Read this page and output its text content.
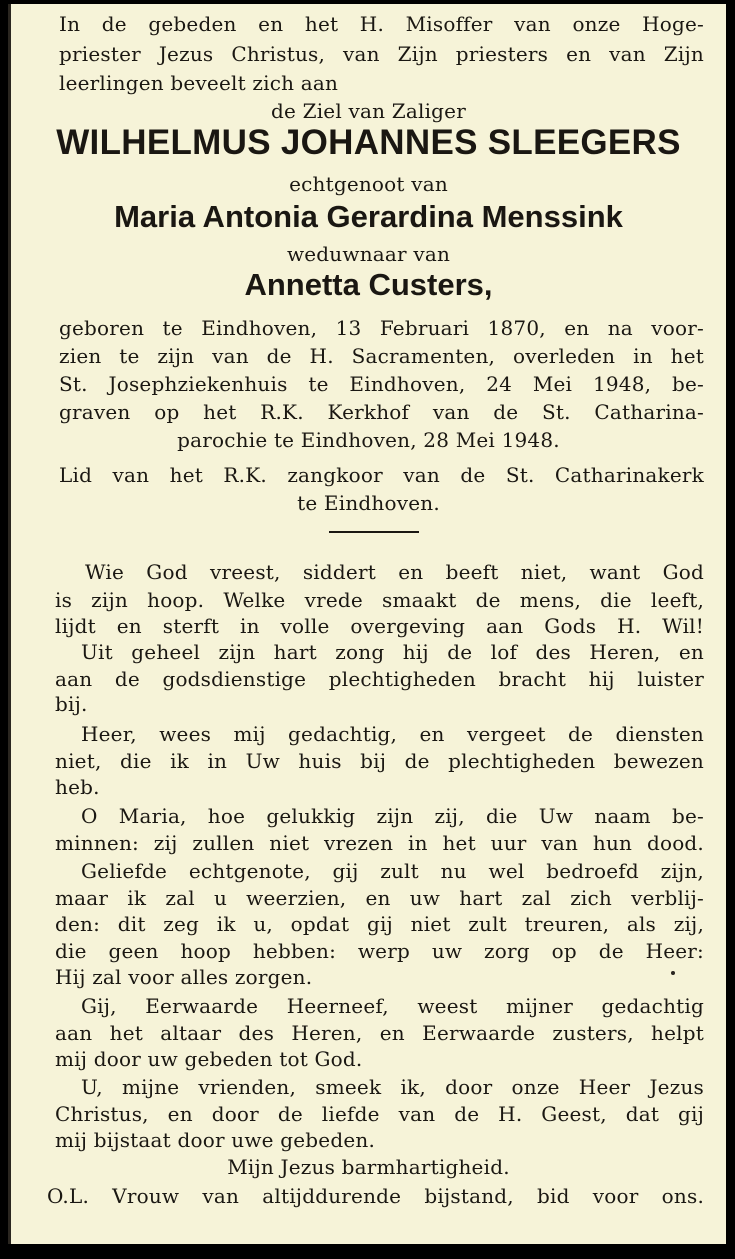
In de gebeden en het H. Misoffer van onze Hoge-
priester Jezus Christus, van Zijn priesters en van Zijn
leerlingen beveelt zich aan
de Ziel van Zaliger
WILHELMUS JOHANNES SLEEGERS
echtgenoot van
Maria Antonia Gerardina Menssink
weduwnaar van
Annetta Custers,
geboren te Eindhoven, 13 Februari 1870, en na voor-
zien te zijn van de H. Sacramenten, overleden in het
St. Josephziekenhuis te Eindhoven, 24 Mei 1948, be-
graven op het R.K. Kerkhof van de St. Catharina-
parochie te Eindhoven, 28 Mei 1948.
Lid van het R.K. zangkoor van de St. Catharinakerk
te Eindhoven.
Wie God vreest, siddert en beeft niet, want God
is zijn hoop. Welke vrede smaakt de mens, die leeft,
lijdt en sterft in volle overgeving aan Gods H. Wil!
Uit geheel zijn hart zong hij de lof des Heren, en
aan de godsdienstige plechtigheden bracht hij luister
bij.
Heer, wees mij gedachtig, en vergeet de diensten
niet, die ik in Uw huis bij de plechtigheden bewezen
heb.
O Maria, hoe gelukkig zijn zij, die Uw naam be-
minnen: zij zullen niet vrezen in het uur van hun dood.
Geliefde echtgenote, gij zult nu wel bedroefd zijn,
maar ik zal u weerzien, en uw hart zal zich verblij-
den: dit zeg ik u, opdat gij niet zult treuren, als zij,
die geen hoop hebben: werp uw zorg op de Heer:
Hij zal voor alles zorgen.
Gij, Eerwaarde Heerneef, weest mijner gedachtig
aan het altaar des Heren, en Eerwaarde zusters, helpt
mij door uw gebeden tot God.
U, mijne vrienden, smeek ik, door onze Heer Jezus
Christus, en door de liefde van de H. Geest, dat gij
mij bijstaat door uwe gebeden.
Mijn Jezus barmhartigheid.
O.L. Vrouw van altijddurende bijstand, bid voor ons.
